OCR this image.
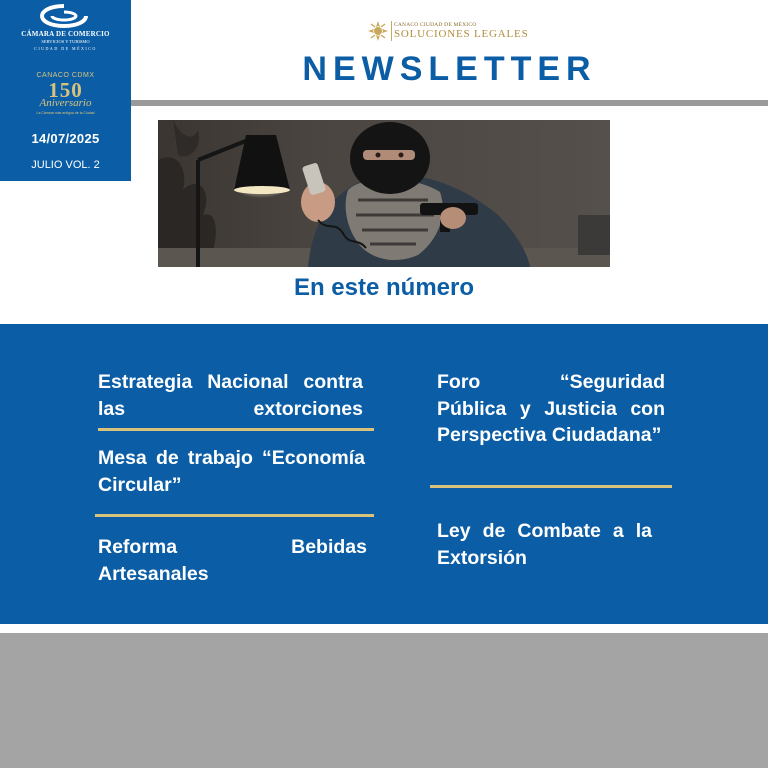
CÁMARA DE COMERCIO
SERVICIOS Y TURISMO
CIUDAD DE MÉXICO
CANACO CDMX
150
Aniversario
La Cámara más antigua de la Ciudad
14/07/2025
JULIO VOL. 2
CANACO CIUDAD DE MÉXICO
SOLUCIONES LEGALES
NEWSLETTER
En este número
Estrategia Nacional contra las extorciones
Mesa de trabajo “Economía Circular”
Reforma Bebidas Artesanales
Foro “Seguridad Pública y Justicia con Perspectiva Ciudadana”
Ley de Combate a la Extorsión
